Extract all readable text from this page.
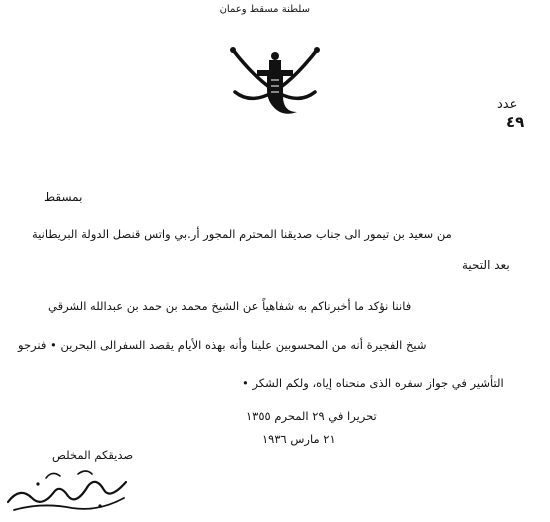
سلطنة مسقط وعمان
عدد
٤٩
بمسقط
من سعيد بن تيمور الى جناب صديقنا المحترم المجور أر.بي واتس قنصل الدولة البريطانية
بعد التحية
فاننا نؤكد ما أخبرناكم به شفاهياً عن الشيخ محمد بن حمد بن عبدالله الشرقي
شيخ الفجيرة أنه من المحسوبين علينا وأنه بهذه الأيام يقصد السفرالى البحرين • فنرجو
التأشير في جواز سفره الذى منحناه إياه، ولكم الشكر •
تحريرا في ٢٩ المحرم ١٣٥٥
٢١ مارس ١٩٣٦
صديقكم المخلص
